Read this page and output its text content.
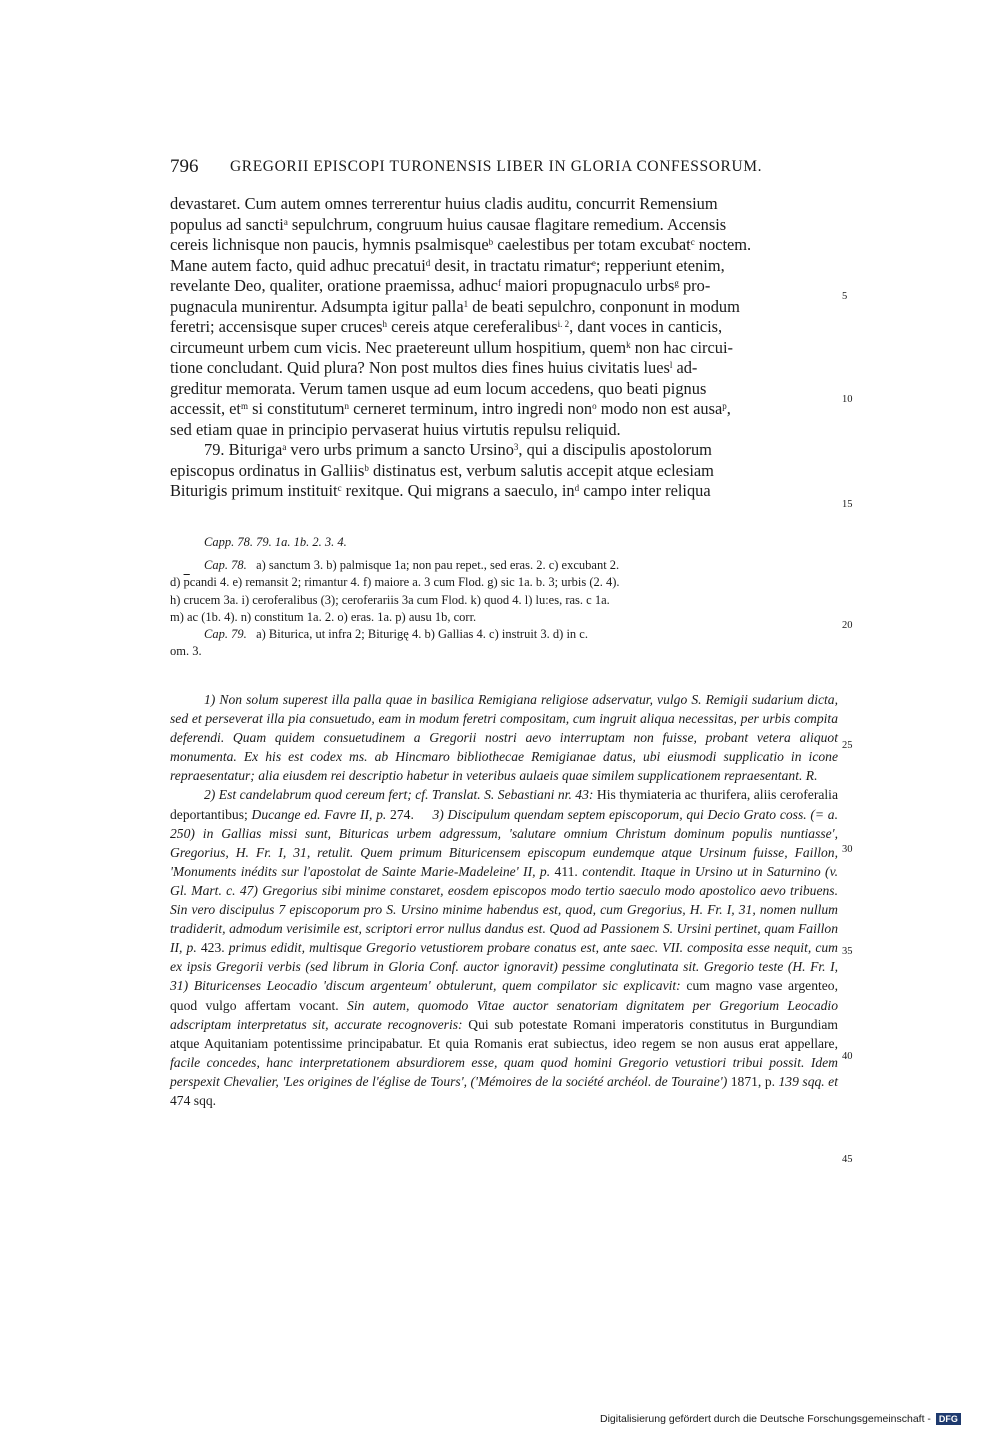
796 GREGORII EPISCOPI TURONENSIS LIBER IN GLORIA CONFESSORUM.

devastaret. Cum autem omnes terrerentur huius cladis auditu, concurrit Remensium
populus ad sancti$^a$ sepulchrum, congruum huius causae flagitare remedium. Accensis
cereis lichnisque non paucis, hymnis psalmisque$^b$ caelestibus per totam excubat$^c$ noctem.
Mane autem facto, quid adhuc precatui$^d$ desit, in tractatu rimatur$^e$; repperiunt etenim,
revelante Deo, qualiter, oratione praemissa, adhuc$^f$ maiori propugnaculo urbs$^g$ pro-
pugnacula munirentur. Adsumpta igitur palla$^1$ de beati sepulchro, conponunt in modum
feretri; accensisque super cruces$^h$ cereis atque cereferalibus$^{i. 2}$, dant voces in canticis,
circumeunt urbem cum vicis. Nec praetereunt ullum hospitium, quem$^k$ non hac circui-
tione concludant. Quid plura? Non post multos dies fines huius civitatis lues$^l$ ad-
greditur memorata. Verum tamen usque ad eum locum accedens, quo beati pignus
accessit, $et^m$ si constitutum$^n$ cerneret terminum, intro ingredi non$^o$ modo non est ausa$^p$,
sed etiam quae in principio pervaserat huius virtutis repulsu reliquid.

79. Bituriga$^a$ vero urbs primum a sancto Ursino$^3$, qui a discipulis apostolorum
episcopus ordinatus in Galliis$^b$ distinatus est, verbum salutis accepit atque eclesiam
Biturigis primum instituit$^c$ rexitque. Qui migrans a saeculo, $in^d$ campo inter reliqua

Capp. 78. 79. 1a. 1b. 2. 3. 4.

Cap. 78. a) sanctum 3. b) palmisque 1a; non pau repet., sed eras. 2. c) excubant 2.
d) $\overline{p}candi$ 4. e) remansit 2; rimantur 4. f) maiore a. 3 cum Flod. g) sic 1a. b. 3; urbis (2. 4).
h) crucem 3a. i) ceroferalibus (3); ceroferariis 3a cum Flod. k) quod 4. l) lu:es, ras. c 1a.
m) ac (1b. 4). n) constitum 1a. 2. o) eras. 1a. p) ausu 1b, corr.

Cap. 79. a) Biturica, ut infra 2; Biturigę 4. b) Gallias 4. c) instruit 3. d) in c.
om. 3.

1) Non solum superest illa palla quae in basilica Remigiana religiose adservatur, vulgo S. Remigii sudarium dicta, sed et perseverat illa pia consuetudo, eam in modum feretri compositam, cum ingruit aliqua necessitas, per urbis compita deferendi. Quam quidem consuetudinem a Gregorii nostri aevo interruptam non fuisse, probant vetera aliquot monumenta. Ex his est codex ms. ab Hincmaro bibliothecae Remigianae datus, ubi eiusmodi supplicatio in icone repraesentatur; alia eiusdem rei descriptio habetur in veteribus aulaeis quae similem supplicationem repraesentant. R.

2) Est candelabrum quod cereum fert; cf. Translat. S. Sebastiani nr. 43: His thymiateria ac thurifera, aliis ceroferalia deportantibus; Ducange ed. Favre II, p. 274. 3) Discipulum quendam septem episcoporum, qui Decio Grato coss. (= a. 250) in Gallias missi sunt, Bituricas urbem adgressum, 'salutare omnium Christum dominum populis nuntiasse', Gregorius, H. Fr. I, 31, retulit. Quem primum Bituricensem episcopum eundemque atque Ursinum fuisse, Faillon, 'Monuments inédits sur l'apostolat de Sainte Marie-Madeleine' II, p. 411. contendit. Itaque in Ursino ut in Saturnino (v. Gl. Mart. c. 47) Gregorius sibi minime constaret, eosdem episcopos modo tertio saeculo modo apostolico aevo tribuens. Sin vero discipulus 7 episcoporum pro S. Ursino minime habendus est, quod, cum Gregorius, H. Fr. I, 31, nomen nullum tradiderit, admodum verisimile est, scriptori error nullus dandus est. Quod ad Passionem S. Ursini pertinet, quam Faillon II, p. 423. primus edidit, multisque Gregorio vetustiorem probare conatus est, ante saec. VII. composita esse nequit, cum ex ipsis Gregorii verbis (sed librum in Gloria Conf. auctor ignoravit) pessime conglutinata sit. Gregorio teste (H. Fr. I, 31) Bituricenses Leocadio 'discum argenteum' obtulerunt, quem compilator sic explicavit: cum magno vase argenteo, quod vulgo affertam vocant. Sin autem, quomodo Vitae auctor senatoriam dignitatem per Gregorium Leocadio adscriptam interpretatus sit, accurate recognoveris: Qui sub potestate Romani imperatoris constitutus in Burgundiam atque Aquitaniam potentissime principabatur. Et quia Romanis erat subiectus, ideo regem se non ausus erat appellare, facile concedes, hanc interpretationem absurdiorem esse, quam quod homini Gregorio vetustiori tribui possit. Idem perspexit Chevalier, 'Les origines de l'église de Tours', ('Mémoires de la société archéol. de Touraine') 1871, p. 139 sqq. et 474 sqq.

5
10
15
20
25
30
35
40
45
Digitalisierung gefördert durch die Deutsche Forschungsgemeinschaft - DFG
